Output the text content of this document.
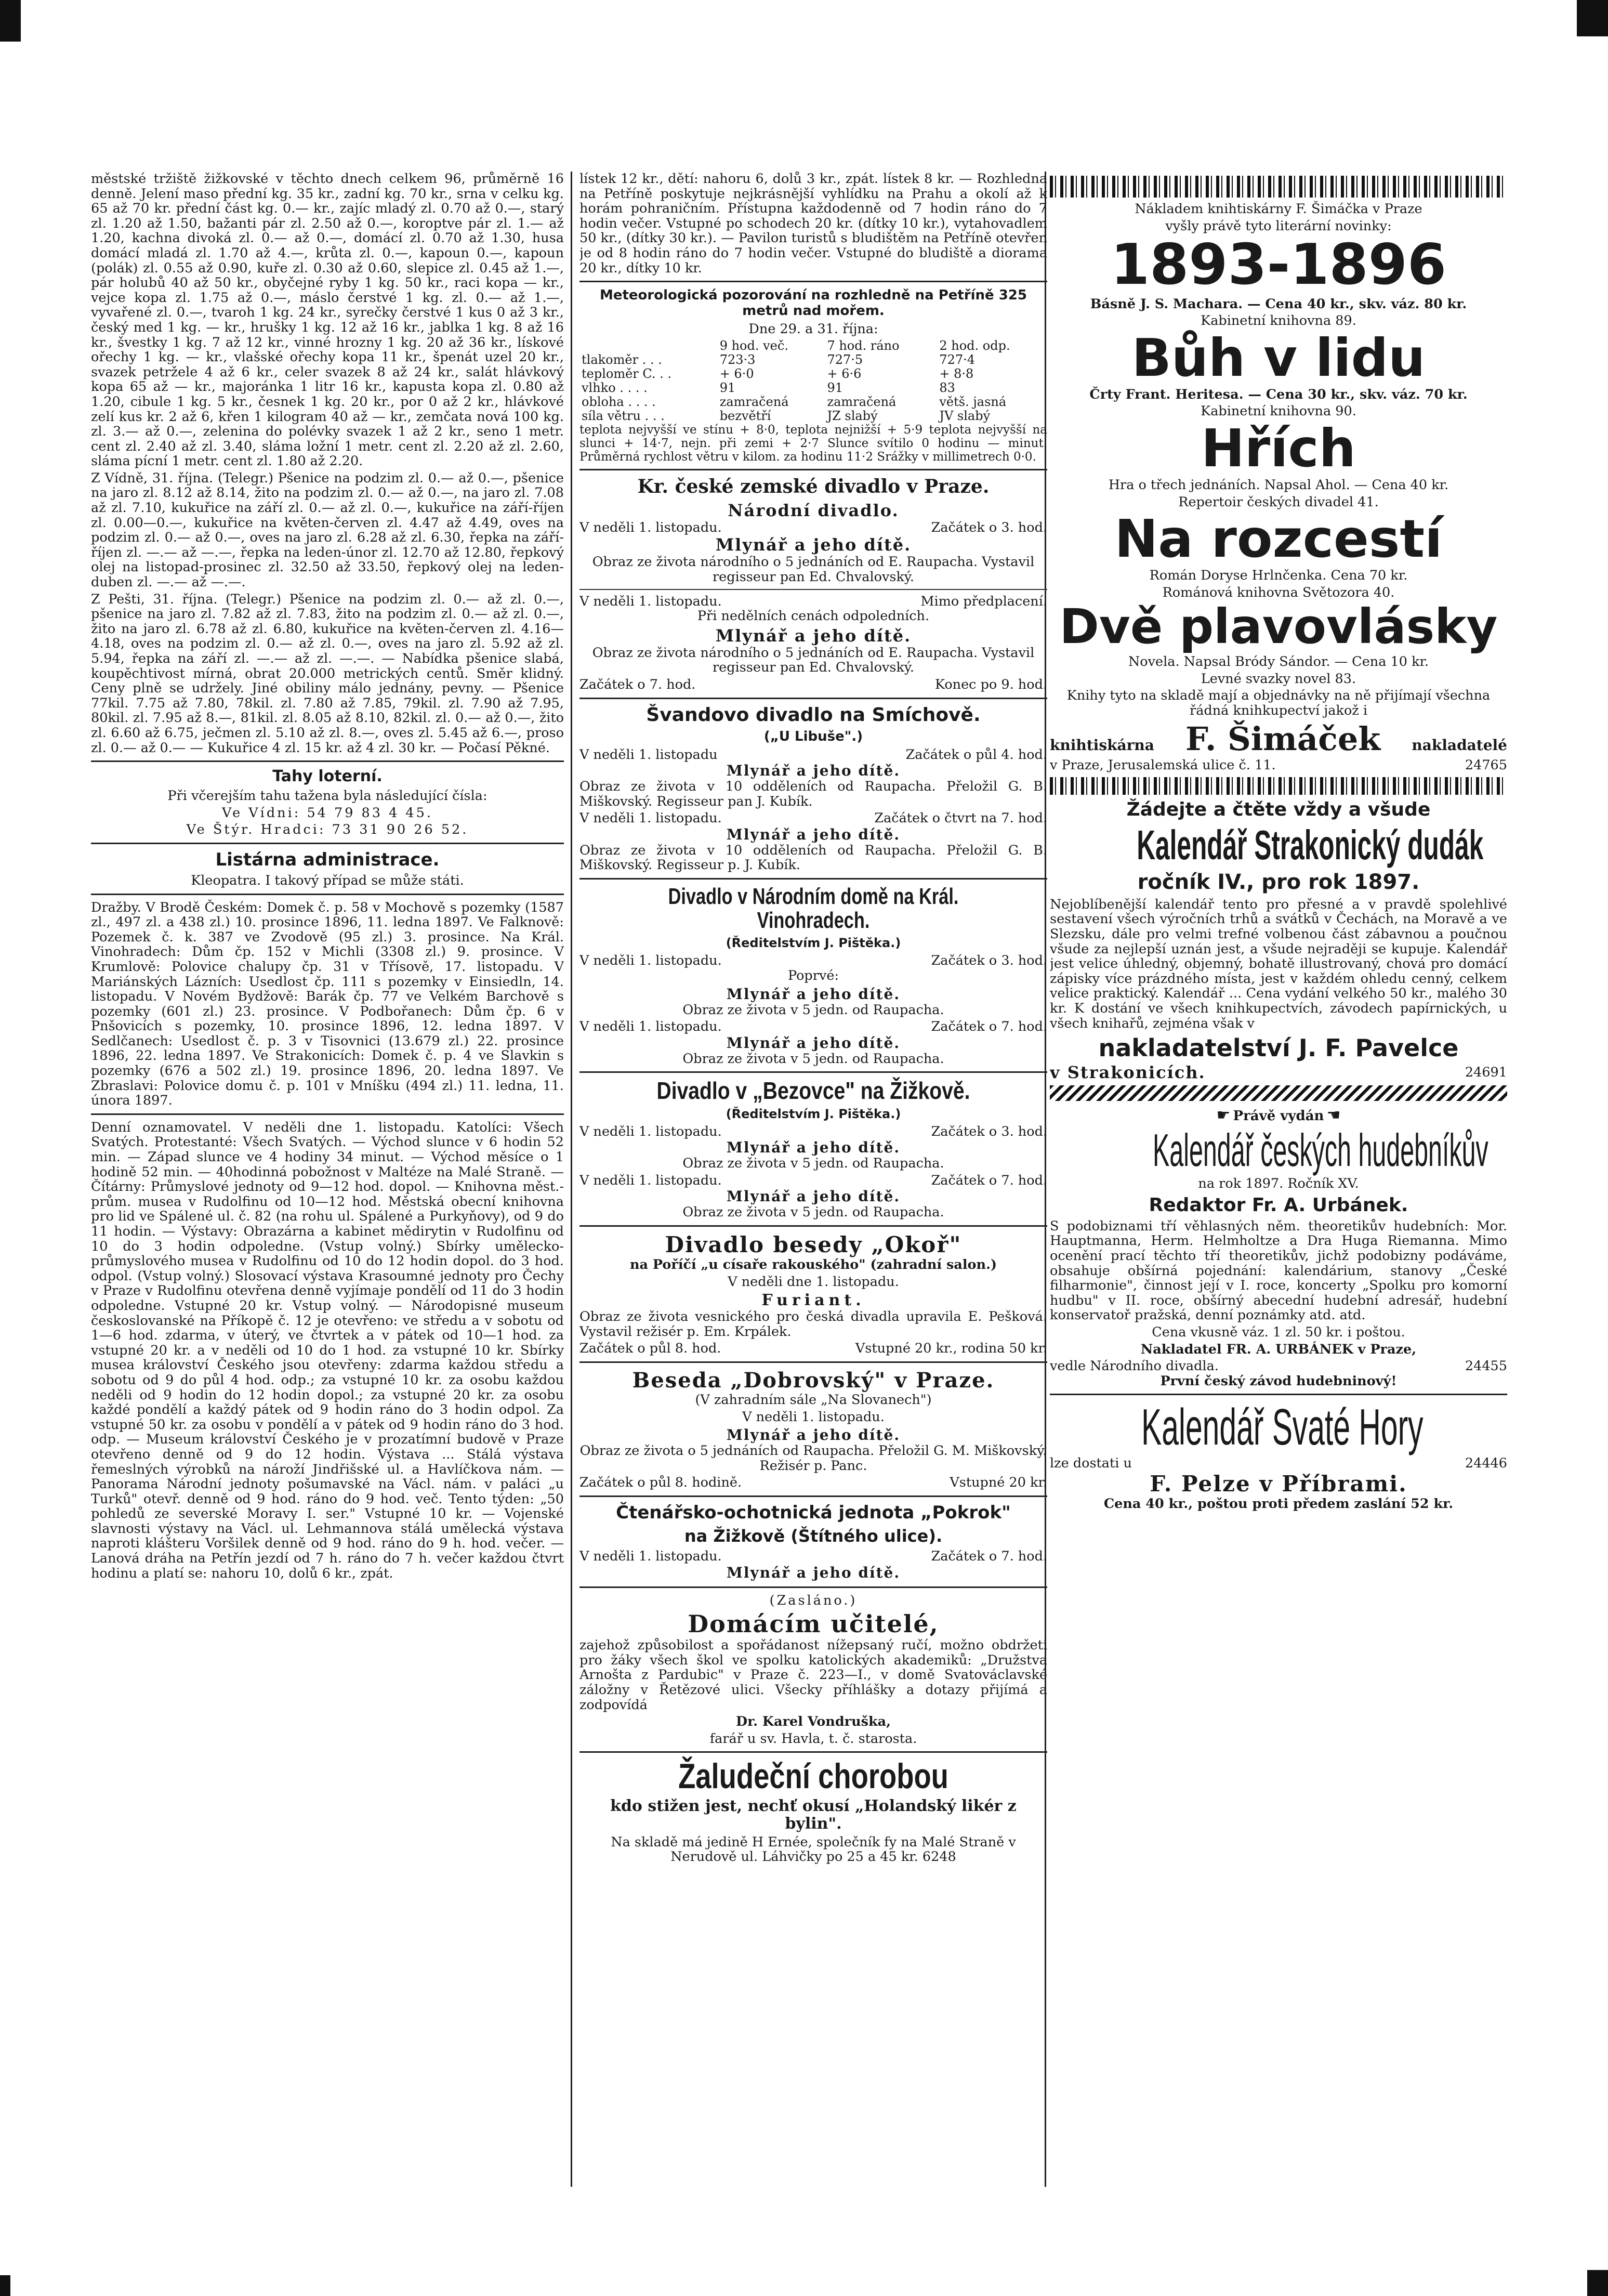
městské tržiště žižkovské v těchto dnech celkem 96, průměrně 16 denně. Jelení maso přední kg. 35 kr., zadní kg. 70 kr., srna v celku kg. 65 až 70 kr. přední část kg. 0.— kr., zajíc mladý zl. 0.70 až 0.—, starý zl. 1.20 až 1.50, bažanti pár zl. 2.50 až 0.—, koroptve pár zl. 1.— až 1.20, kachna divoká zl. 0.— až 0.—, domácí zl. 0.70 až 1.30, husa domácí mladá zl. 1.70 až 4.—, krůta zl. 0.—, kapoun 0.—, kapoun (polák) zl. 0.55 až 0.90, kuře zl. 0.30 až 0.60, slepice zl. 0.45 až 1.—, pár holubů 40 až 50 kr., obyčejné ryby 1 kg. 50 kr., raci kopa — kr., vejce kopa zl. 1.75 až 0.—, máslo čerstvé 1 kg. zl. 0.— až 1.—, vyvařené zl. 0.—, tvaroh 1 kg. 24 kr., syrečky čerstvé 1 kus 0 až 3 kr., český med 1 kg. — kr., hrušky 1 kg. 12 až 16 kr., jablka 1 kg. 8 až 16 kr., švestky 1 kg. 7 až 12 kr., vinné hrozny 1 kg. 20 až 36 kr., lískové ořechy 1 kg. — kr., vlašské ořechy kopa 11 kr., špenát uzel 20 kr., svazek petržele 4 až 6 kr., celer svazek 8 až 24 kr., salát hlávkový kopa 65 až — kr., majoránka 1 litr 16 kr., kapusta kopa zl. 0.80 až 1.20, cibule 1 kg. 5 kr., česnek 1 kg. 20 kr., por 0 až 2 kr., hlávkové zelí kus kr. 2 až 6, křen 1 kilogram 40 až — kr., zemčata nová 100 kg. zl. 3.— až 0.—, zelenina do polévky svazek 1 až 2 kr., seno 1 metr. cent zl. 2.40 až zl. 3.40, sláma ložní 1 metr. cent zl. 2.20 až zl. 2.60, sláma pícní 1 metr. cent zl. 1.80 až 2.20.

Z Vídně, 31. října. (Telegr.) Pšenice na podzim zl. 0.— až 0.—, pšenice na jaro zl. 8.12 až 8.14, žito na podzim zl. 0.— až 0.—, na jaro zl. 7.08 až zl. 7.10, kukuřice na září zl. 0.— až zl. 0.—, kukuřice na září-říjen zl. 0.00—0.—, kukuřice na květen-červen zl. 4.47 až 4.49, oves na podzim zl. 0.— až 0.—, oves na jaro zl. 6.28 až zl. 6.30, řepka na září-říjen zl. —.— až —.—, řepka na leden-únor zl. 12.70 až 12.80, řepkový olej na listopad-prosinec zl. 32.50 až 33.50, řepkový olej na leden-duben zl. —.— až —.—.

Z Pešti, 31. října. (Telegr.) Pšenice na podzim zl. 0.— až zl. 0.—, pšenice na jaro zl. 7.82 až zl. 7.83, žito na podzim zl. 0.— až zl. 0.—, žito na jaro zl. 6.78 až zl. 6.80, kukuřice na květen-červen zl. 4.16—4.18, oves na podzim zl. 0.— až zl. 0.—, oves na jaro zl. 5.92 až zl. 5.94, řepka na září zl. —.— až zl. —.—. — Nabídka pšenice slabá, koupěchtivost mírná, obrat 20.000 metrických centů. Směr klidný. Ceny plně se udržely. Jiné obiliny málo jednány, pevny. — Pšenice 77kil. 7.75 až 7.80, 78kil. zl. 7.80 až 7.85, 79kil. zl. 7.90 až 7.95, 80kil. zl. 7.95 až 8.—, 81kil. zl. 8.05 až 8.10, 82kil. zl. 0.— až 0.—, žito zl. 6.60 až 6.75, ječmen zl. 5.10 až zl. 8.—, oves zl. 5.45 až 6.—, proso zl. 0.— až 0.— — Kukuřice 4 zl. 15 kr. až 4 zl. 30 kr. — Počasí Pěkné.

Tahy loterní.

Při včerejším tahu tažena byla následující čísla:

Ve Vídni: 54 79 83 4 45.

Ve Štýr. Hradci: 73 31 90 26 52.

Listárna administrace.

Kleopatra. I takový případ se může státi.

Dražby. V Brodě Českém: Domek č. p. 58 v Mochově s pozemky (1587 zl., 497 zl. a 438 zl.) 10. prosince 1896, 11. ledna 1897. Ve Falknově: Pozemek č. k. 387 ve Zvodově (95 zl.) 3. prosince. Na Král. Vinohradech: Dům čp. 152 v Michli (3308 zl.) 9. prosince. V Krumlově: Polovice chalupy čp. 31 v Třísově, 17. listopadu. V Mariánských Lázních: Usedlost čp. 111 s pozemky v Einsiedln, 14. listopadu. V Novém Bydžově: Barák čp. 77 ve Velkém Barchově s pozemky (601 zl.) 23. prosince. V Podbořanech: Dům čp. 6 v Pnšovicích s pozemky, 10. prosince 1896, 12. ledna 1897. V Sedlčanech: Usedlost č. p. 3 v Tisovnici (13.679 zl.) 22. prosince 1896, 22. ledna 1897. Ve Strakonicích: Domek č. p. 4 ve Slavkin s pozemky (676 a 502 zl.) 19. prosince 1896, 20. ledna 1897. Ve Zbraslavi: Polovice domu č. p. 101 v Mníšku (494 zl.) 11. ledna, 11. února 1897.

Denní oznamovatel. V neděli dne 1. listopadu. Katolíci: Všech Svatých. Protestanté: Všech Svatých. — Východ slunce v 6 hodin 52 min. — Západ slunce ve 4 hodiny 34 minut. — Východ měsíce o 1 hodině 52 min. — 40hodinná pobožnost v Maltéze na Malé Straně. — Čítárny: Průmyslové jednoty od 9—12 hod. dopol. — Knihovna měst.-prům. musea v Rudolfinu od 10—12 hod. Městská obecní knihovna pro lid ve Spálené ul. č. 82 (na rohu ul. Spálené a Purkyňovy), od 9 do 11 hodin. — Výstavy: Obrazárna a kabinet mědirytin v Rudolfinu od 10 do 3 hodin odpoledne. (Vstup volný.) Sbírky umělecko-průmyslového musea v Rudolfinu od 10 do 12 hodin dopol. do 3 hod. odpol. (Vstup volný.) Slosovací výstava Krasoumné jednoty pro Čechy v Praze v Rudolfinu otevřena denně vyjímaje pondělí od 11 do 3 hodin odpoledne. Vstupné 20 kr. Vstup volný. — Národopisné museum českoslovanské na Příkopě č. 12 je otevřeno: ve středu a v sobotu od 1—6 hod. zdarma, v úterý, ve čtvrtek a v pátek od 10—1 hod. za vstupné 20 kr. a v neděli od 10 do 1 hod. za vstupné 10 kr. Sbírky musea království Českého jsou otevřeny: zdarma každou středu a sobotu od 9 do půl 4 hod. odp.; za vstupné 10 kr. za osobu každou neděli od 9 hodin do 12 hodin dopol.; za vstupné 20 kr. za osobu každé pondělí a každý pátek od 9 hodin ráno do 3 hodin odpol. Za vstupné 50 kr. za osobu v pondělí a v pátek od 9 hodin ráno do 3 hod. odp. — Museum království Českého je v prozatímní budově v Praze otevřeno denně od 9 do 12 hodin. Výstava ... Stálá výstava řemeslných výrobků na nároží Jindřišské ul. a Havlíčkova nám. — Panorama Národní jednoty pošumavské na Václ. nám. v paláci „u Turků" otevř. denně od 9 hod. ráno do 9 hod. več. Tento týden: „50 pohledů ze severské Moravy I. ser." Vstupné 10 kr. — Vojenské slavnosti výstavy na Václ. ul. Lehmannova stálá umělecká výstava naproti klášteru Voršilek denně od 9 hod. ráno do 9 h. hod. večer. — Lanová dráha na Petřín jezdí od 7 h. ráno do 7 h. večer každou čtvrt hodinu a platí se: nahoru 10, dolů 6 kr., zpát.

lístek 12 kr., dětí: nahoru 6, dolů 3 kr., zpát. lístek 8 kr. — Rozhledna na Petříně poskytuje nejkrásnější vyhlídku na Prahu a okolí až k horám pohraničním. Přístupna každodenně od 7 hodin ráno do 7 hodin večer. Vstupné po schodech 20 kr. (dítky 10 kr.), vytahovadlem 50 kr., (dítky 30 kr.). — Pavilon turistů s bludištěm na Petříně otevřen je od 8 hodin ráno do 7 hodin večer. Vstupné do bludiště a diorama 20 kr., dítky 10 kr.

Meteorologická pozorování na rozhledně na Petříně 325 metrů nad mořem.

Dne 29. a 31. října:

	9 hod. več.	7 hod. ráno	2 hod. odp.
tlakoměr . . .	723·3	727·5	727·4
teploměr C. . .	+ 6·0	+ 6·6	+ 8·8
vlhko . . . .	91	91	83
obloha . . . .	zamračená	zamračená	větš. jasná
síla větru . . .	bezvětří	JZ slabý	JV slabý

teplota nejvyšší ve stínu + 8·0, teplota nejnižší + 5·9 teplota nejvyšší na slunci + 14·7, nejn. při zemi + 2·7 Slunce svítilo 0 hodinu — minut. Průměrná rychlost větru v kilom. za hodinu 11·2 Srážky v millimetrech 0·0.

Kr. české zemské divadlo v Praze.
Národní divadlo.
V neděli 1. listopadu.	Začátek o 3. hod.
Mlynář a jeho dítě.

Obraz ze života národního o 5 jednáních od E. Raupacha. Vystavil regisseur pan Ed. Chvalovský.

V neděli 1. listopadu.	Mimo předplacení.

Při nedělních cenách odpoledních.

Mlynář a jeho dítě.

Obraz ze života národního o 5 jednáních od E. Raupacha. Vystavil regisseur pan Ed. Chvalovský.

Začátek o 7. hod.	Konec po 9. hod.
Švandovo divadlo na Smíchově.
(„U Libuše".)
V neděli 1. listopadu	Začátek o půl 4. hod.
Mlynář a jeho dítě.

Obraz ze života v 10 odděleních od Raupacha. Přeložil G. B. Miškovský. Regisseur pan J. Kubík.

V neděli 1. listopadu.	Začátek o čtvrt na 7. hod.
Mlynář a jeho dítě.

Obraz ze života v 10 odděleních od Raupacha. Přeložil G. B. Miškovský. Regisseur p. J. Kubík.

Divadlo v Národním domě na Král. Vinohradech.
(Ředitelstvím J. Pištěka.)
V neděli 1. listopadu.	Začátek o 3. hod.

Poprvé:

Mlynář a jeho dítě.

Obraz ze života v 5 jedn. od Raupacha.

V neděli 1. listopadu.	Začátek o 7. hod.
Mlynář a jeho dítě.

Obraz ze života v 5 jedn. od Raupacha.

Divadlo v „Bezovce" na Žižkově.
(Ředitelstvím J. Pištěka.)
V neděli 1. listopadu.	Začátek o 3. hod.
Mlynář a jeho dítě.

Obraz ze života v 5 jedn. od Raupacha.

V neděli 1. listopadu.	Začátek o 7. hod.
Mlynář a jeho dítě.

Obraz ze života v 5 jedn. od Raupacha.

Divadlo besedy „Okoř"

na Poříčí „u císaře rakouského" (zahradní salon.)

V neděli dne 1. listopadu.

Furiant.

Obraz ze života vesnického pro česká divadla upravila E. Pešková. Vystavil režisér p. Em. Krpálek.

Začátek o půl 8. hod.	Vstupné 20 kr., rodina 50 kr.
Beseda „Dobrovský" v Praze.

(V zahradním sále „Na Slovanech")

V neděli 1. listopadu.

Mlynář a jeho dítě.

Obraz ze života o 5 jednáních od Raupacha. Přeložil G. M. Miškovský. Režisér p. Panc.

Začátek o půl 8. hodině.	Vstupné 20 kr.
Čtenářsko-ochotnická jednota „Pokrok"
na Žižkově (Štítného ulice).
V neděli 1. listopadu.	Začátek o 7. hod.
Mlynář a jeho dítě.

(Zasláno.)

Domácím učitelé,

zajehož způsobilost a spořádanost nížepsaný ručí, možno obdržeti pro žáky všech škol ve spolku katolických akademiků: „Družstva Arnošta z Pardubic" v Praze č. 223—I., v domě Svatováclavské záložny v Řetězové ulici. Všecky příhlášky a dotazy přijímá a zodpovídá

Dr. Karel Vondruška,

farář u sv. Havla, t. č. starosta.

Žaludeční chorobou

kdo stižen jest, nechť okusí „Holandský likér z bylin".

Na skladě má jedině H Ernée, společník fy na Malé Straně v Nerudově ul. Láhvičky po 25 a 45 kr. 6248

Nákladem knihtiskárny F. Šimáčka v Praze

vyšly právě tyto literární novinky:

1893-1896

Básně J. S. Machara. — Cena 40 kr., skv. váz. 80 kr.

Kabinetní knihovna 89.

Bůh v lidu

Črty Frant. Heritesa. — Cena 30 kr., skv. váz. 70 kr.

Kabinetní knihovna 90.

Hřích

Hra o třech jednáních. Napsal Ahol. — Cena 40 kr.

Repertoir českých divadel 41.

Na rozcestí

Román Doryse Hrlnčenka. Cena 70 kr.

Románová knihovna Světozora 40.

Dvě plavovlásky

Novela. Napsal Bródy Sándor. — Cena 10 kr.

Levné svazky novel 83.

Knihy tyto na skladě mají a objednávky na ně přijímají všechna řádná knihkupectví jakož i

knihtiskárna F. Šimáček nakladatelé
v Praze, Jerusalemská ulice č. 11.	24765
Žádejte a čtěte vždy a všude
Kalendář Strakonický dudák
ročník IV., pro rok 1897.

Nejoblíbenější kalendář tento pro přesné a v pravdě spolehlivé sestavení všech výročních trhů a svátků v Čechách, na Moravě a ve Slezsku, dále pro velmi trefné volbenou část zábavnou a poučnou všude za nejlepší uznán jest, a všude nejraději se kupuje. Kalendář jest velice úhledný, objemný, bohatě illustrovaný, chová pro domácí zápisky více prázdného místa, jest v každém ohledu cenný, celkem velice praktický. Kalendář ... Cena vydání velkého 50 kr., malého 30 kr. K dostání ve všech knihkupectvích, závodech papírnických, u všech knihařů, zejména však v

nakladatelství J. F. Pavelce
v Strakonicích.	24691
☛ Právě vydán ☚
Kalendář českých hudebníkův

na rok 1897. Ročník XV.

Redaktor Fr. A. Urbánek.

S podobiznami tří věhlasných něm. theoretikův hudebních: Mor. Hauptmanna, Herm. Helmholtze a Dra Huga Riemanna. Mimo ocenění prací těchto tří theoretikův, jichž podobizny podáváme, obsahuje obšírná pojednání: kalendárium, stanovy „České filharmonie", činnost její v I. roce, koncerty „Spolku pro komorní hudbu" v II. roce, obšírný abecední hudební adresář, hudební konservatoř pražská, denní poznámky atd. atd.

Cena vkusně váz. 1 zl. 50 kr. i poštou.

Nakladatel FR. A. URBÁNEK v Praze,

vedle Národního divadla.	24455

První český závod hudebninový!

Kalendář Svaté Hory
lze dostati u	24446
F. Pelze v Příbrami.

Cena 40 kr., poštou proti předem zaslání 52 kr.
